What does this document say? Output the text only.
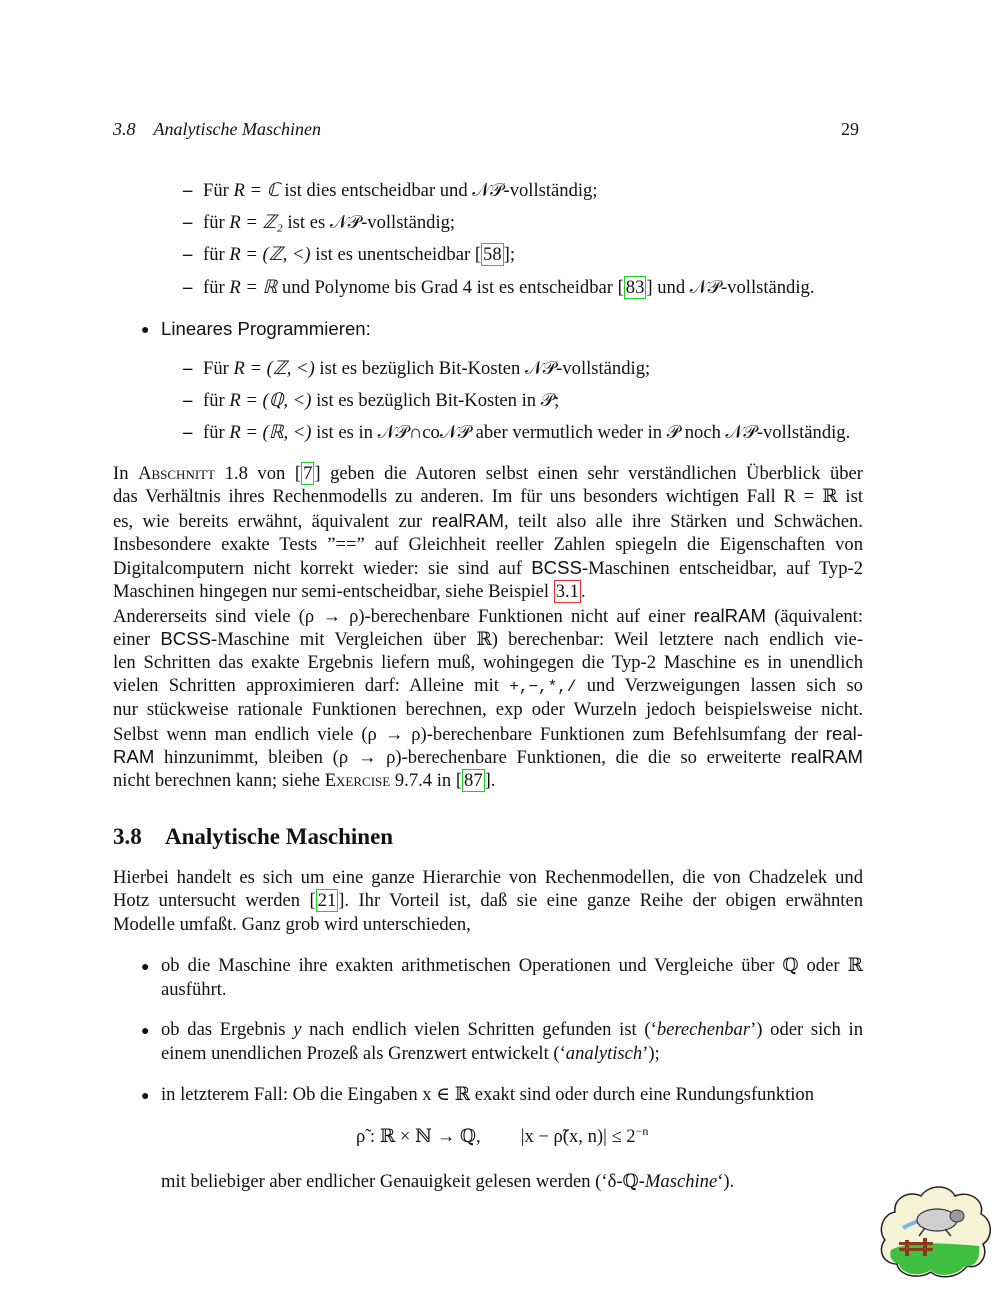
3.8 Analytische Maschinen	29
– Für R = ℂ ist dies entscheidbar und 𝒩𝒫-vollständig;
– für R = ℤ₂ ist es 𝒩𝒫-vollständig;
– für R = (ℤ, <) ist es unentscheidbar [ 58 ];
– für R = ℝ und Polynome bis Grad 4 ist es entscheidbar [ 83 ] und 𝒩𝒫-vollständig.
● Lineares Programmieren:
– Für R = (ℤ, <) ist es bezüglich Bit-Kosten 𝒩𝒫-vollständig;
– für R = (ℚ, <) ist es bezüglich Bit-Kosten in 𝒫;
– für R = (ℝ, <) ist es in 𝒩𝒫∩co𝒩𝒫 aber vermutlich weder in 𝒫 noch 𝒩𝒫-vollständig.
In Abschnitt 1.8 von [ 7 ] geben die Autoren selbst einen sehr verständlichen Überblick über
das Verhältnis ihres Rechenmodells zu anderen. Im für uns besonders wichtigen Fall R = ℝ ist
es, wie bereits erwähnt, äquivalent zur realRAM, teilt also alle ihre Stärken und Schwächen.
Insbesondere exakte Tests ”==” auf Gleichheit reeller Zahlen spiegeln die Eigenschaften von
Digitalcomputern nicht korrekt wieder: sie sind auf BCSS-Maschinen entscheidbar, auf Typ-2
Maschinen hingegen nur semi-entscheidbar, siehe Beispiel 3.1 .
Andererseits sind viele (ρ → ρ)-berechenbare Funktionen nicht auf einer realRAM (äquivalent:
einer BCSS-Maschine mit Vergleichen über ℝ) berechenbar: Weil letztere nach endlich vie-
len Schritten das exakte Ergebnis liefern muß, wohingegen die Typ-2 Maschine es in unendlich
vielen Schritten approximieren darf: Alleine mit +,−,*,/ und Verzweigungen lassen sich so
nur stückweise rationale Funktionen berechnen, exp oder Wurzeln jedoch beispielsweise nicht.
Selbst wenn man endlich viele (ρ → ρ)-berechenbare Funktionen zum Befehlsumfang der real-
RAM hinzunimmt, bleiben (ρ → ρ)-berechenbare Funktionen, die die so erweiterte realRAM
nicht berechnen kann; siehe Exercise 9.7.4 in [ 87 ].
3.8 Analytische Maschinen
Hierbei handelt es sich um eine ganze Hierarchie von Rechenmodellen, die von Chadzelek und
Hotz untersucht werden [ 21 ]. Ihr Vorteil ist, daß sie eine ganze Reihe der obigen erwähnten
Modelle umfaßt. Ganz grob wird unterschieden,
● ob die Maschine ihre exakten arithmetischen Operationen und Vergleiche über ℚ oder ℝ
ausführt.
● ob das Ergebnis y nach endlich vielen Schritten gefunden ist (‘berechenbar’) oder sich in
einem unendlichen Prozeß als Grenzwert entwickelt (‘analytisch’);
● in letzterem Fall: Ob die Eingaben x ∈ ℝ exakt sind oder durch eine Rundungsfunktion
ρ̃ : ℝ × ℕ → ℚ, |x − ρ̃(x, $n)| \le 2^{-n}$
mit beliebiger aber endlicher Genauigkeit gelesen werden (‘δ-ℚ-Maschine‘).
